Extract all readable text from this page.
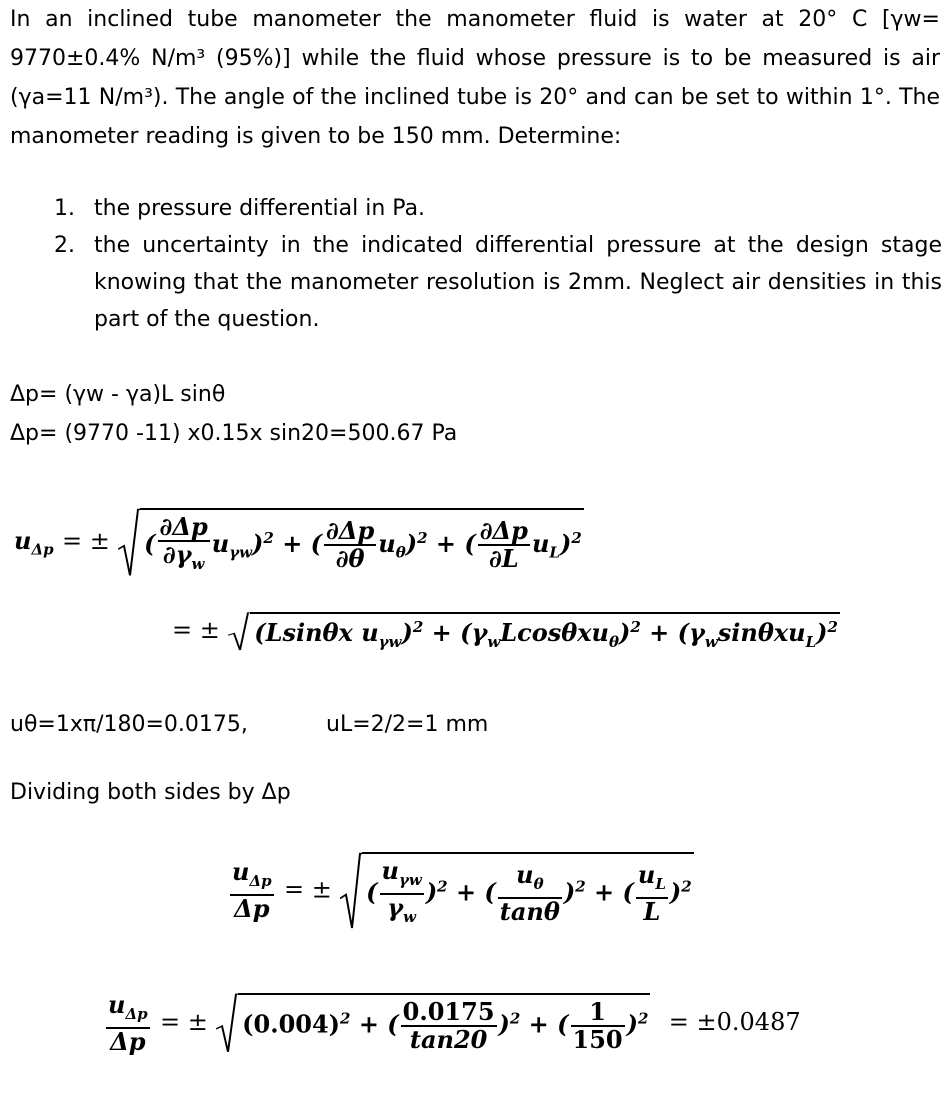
In an inclined tube manometer the manometer fluid is water at 20° C [γw= 9770±0.4% N/m³ (95%)] while the fluid whose pressure is to be measured is air (γa=11 N/m³). The angle of the inclined tube is 20° and can be set to within 1°. The manometer reading is given to be 150 mm. Determine:

1. the pressure differential in Pa.
2. the uncertainty in the indicated differential pressure at the design stage knowing that the manometer resolution is 2mm. Neglect air densities in this part of the question.
Δp= (γw - γa)L sinθ
Δp= (9770 -11) x0.15x sin20=500.67 Pa
$u_{\Delta p}$ = ± ( $\frac{\partial\Delta p}{\partial\gamma_w} u_{\gamma w})^2$ + ( $\frac{\partial\Delta p}{\partial\theta} u_\theta)^2$ + ( $\frac{\partial\Delta p}{\partial L} u_L)^2$
= ± (Lsinθx $u_{\gamma w})^2 + (\gamma_wLcos\theta xu_\theta)^2 + (\gamma_w\sin\theta xu_L)^2$
uθ=1xπ/180=0.0175,	uL=2/2=1 mm
Dividing both sides by Δp
$\frac{u_{\Delta p}}{\Delta p}$ = ± ( $\frac{u_{\gamma w}}{\gamma_w} )^2$ + ( $\frac{u_\theta}{\tan\theta} )^2$ + ( $\frac{u_L}{L} )^2$
$\frac{u_{\Delta p}}{\Delta p}$ = ± $(0.004)^2$ + ( $\frac{0.0175}{\tan 20} )^2$ + ( $\frac{1}{150} )^2 = \pm 0.0487$
